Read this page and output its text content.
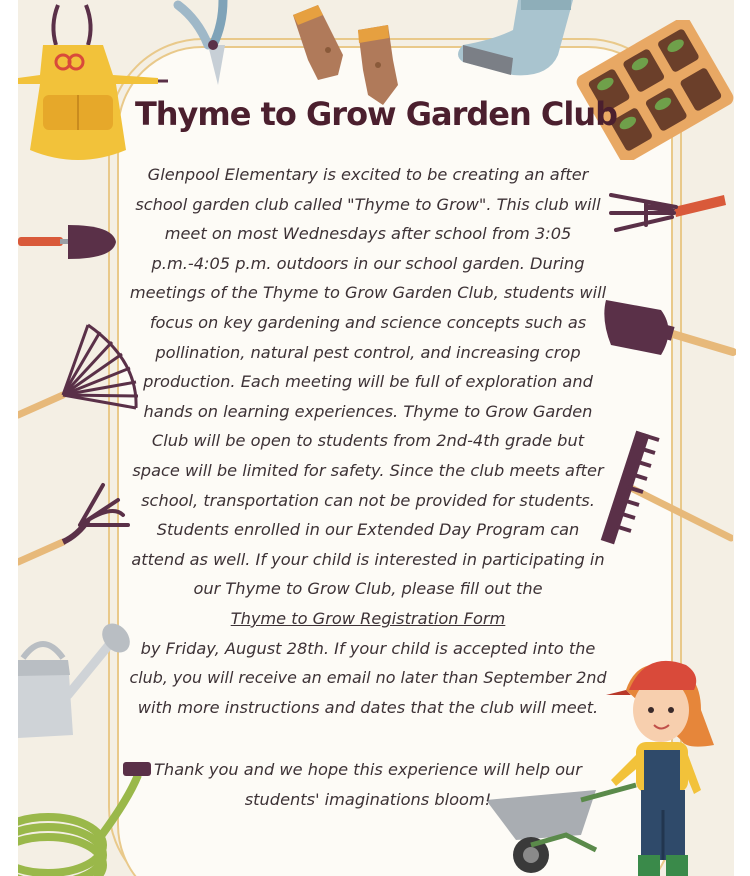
Thyme to Grow Garden Club
Glenpool Elementary is excited to be creating an after
school garden club called "Thyme to Grow". This club will
meet on most Wednesdays after school from 3:05
p.m.-4:05 p.m. outdoors in our school garden. During
meetings of the Thyme to Grow Garden Club, students will
focus on key gardening and science concepts such as
pollination, natural pest control, and increasing crop
production. Each meeting will be full of exploration and
hands on learning experiences. Thyme to Grow Garden
Club will be open to students from 2nd-4th grade but
space will be limited for safety. Since the club meets after
school, transportation can not be provided for students.
Students enrolled in our Extended Day Program can
attend as well. If your child is interested in participating in
our Thyme to Grow Club, please fill out the
Thyme to Grow Registration Form
by Friday, August 28th. If your child is accepted into the
club, you will receive an email no later than September 2nd
with more instructions and dates that the club will meet.
Thank you and we hope this experience will help our
students' imaginations bloom!
